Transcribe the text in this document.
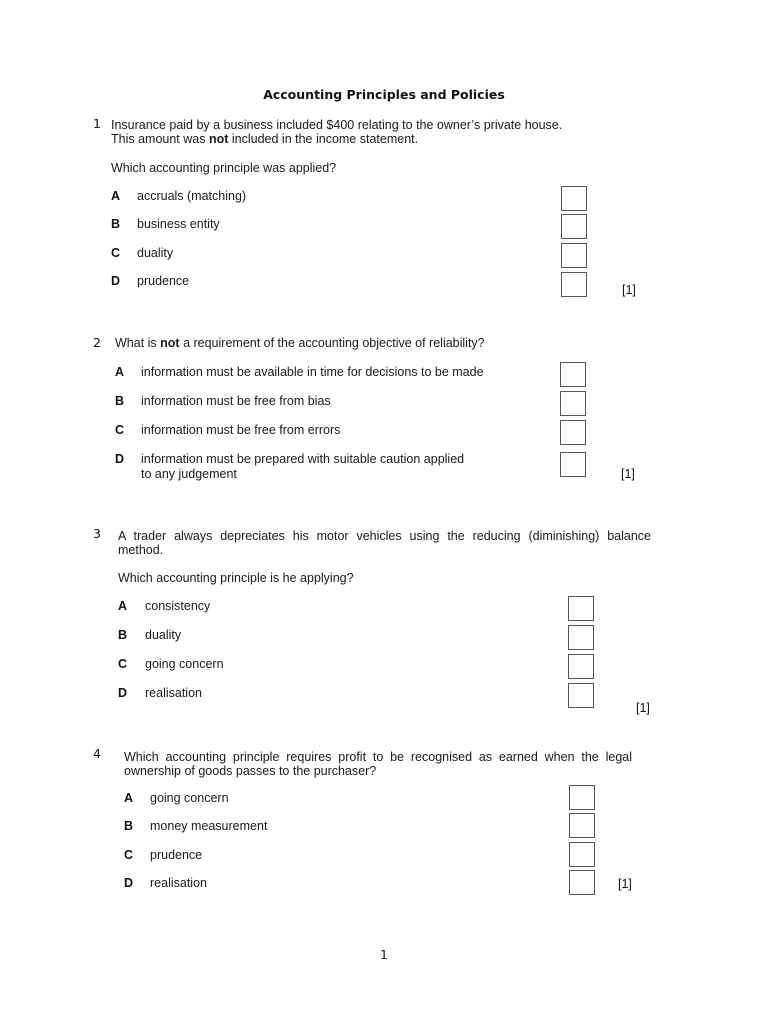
Accounting Principles and Policies
1 Insurance paid by a business included $400 relating to the owner’s private house.
This amount was not included in the income statement.
Which accounting principle was applied?
A accruals (matching)
B business entity
C duality
D prudence
[1]
2 What is not a requirement of the accounting objective of reliability?
A information must be available in time for decisions to be made
B information must be free from bias
C information must be free from errors
D information must be prepared with suitable caution applied
to any judgement	[1]
3 A trader always depreciates his motor vehicles using the reducing (diminishing) balance
method.
Which accounting principle is he applying?
A consistency
B duality
C going concern
D realisation
[1]
4 Which accounting principle requires profit to be recognised as earned when the legal
ownership of goods passes to the purchaser?
A going concern
B money measurement
C prudence
D realisation	[1]
1
